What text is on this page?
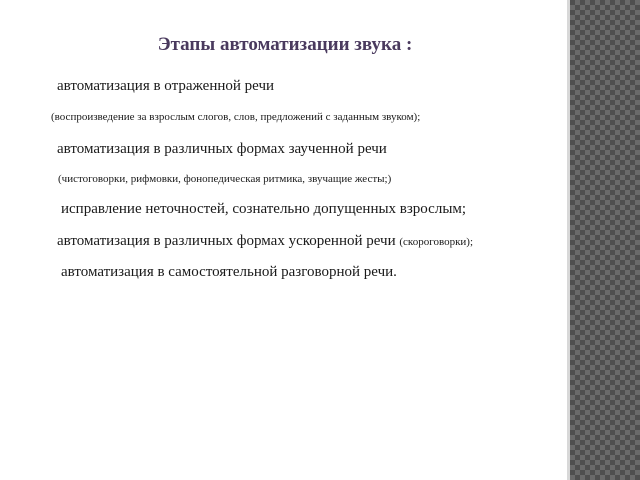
Этапы автоматизации звука :
автоматизация в отраженной речи
(воспроизведение за взрослым слогов, слов, предложений с заданным звуком);
автоматизация в различных формах заученной речи
(чистоговорки, рифмовки, фонопедическая ритмика, звучащие жесты;)
исправление неточностей, сознательно допущенных взрослым;
автоматизация в различных формах ускоренной речи (скороговорки);
автоматизация в самостоятельной разговорной речи.
